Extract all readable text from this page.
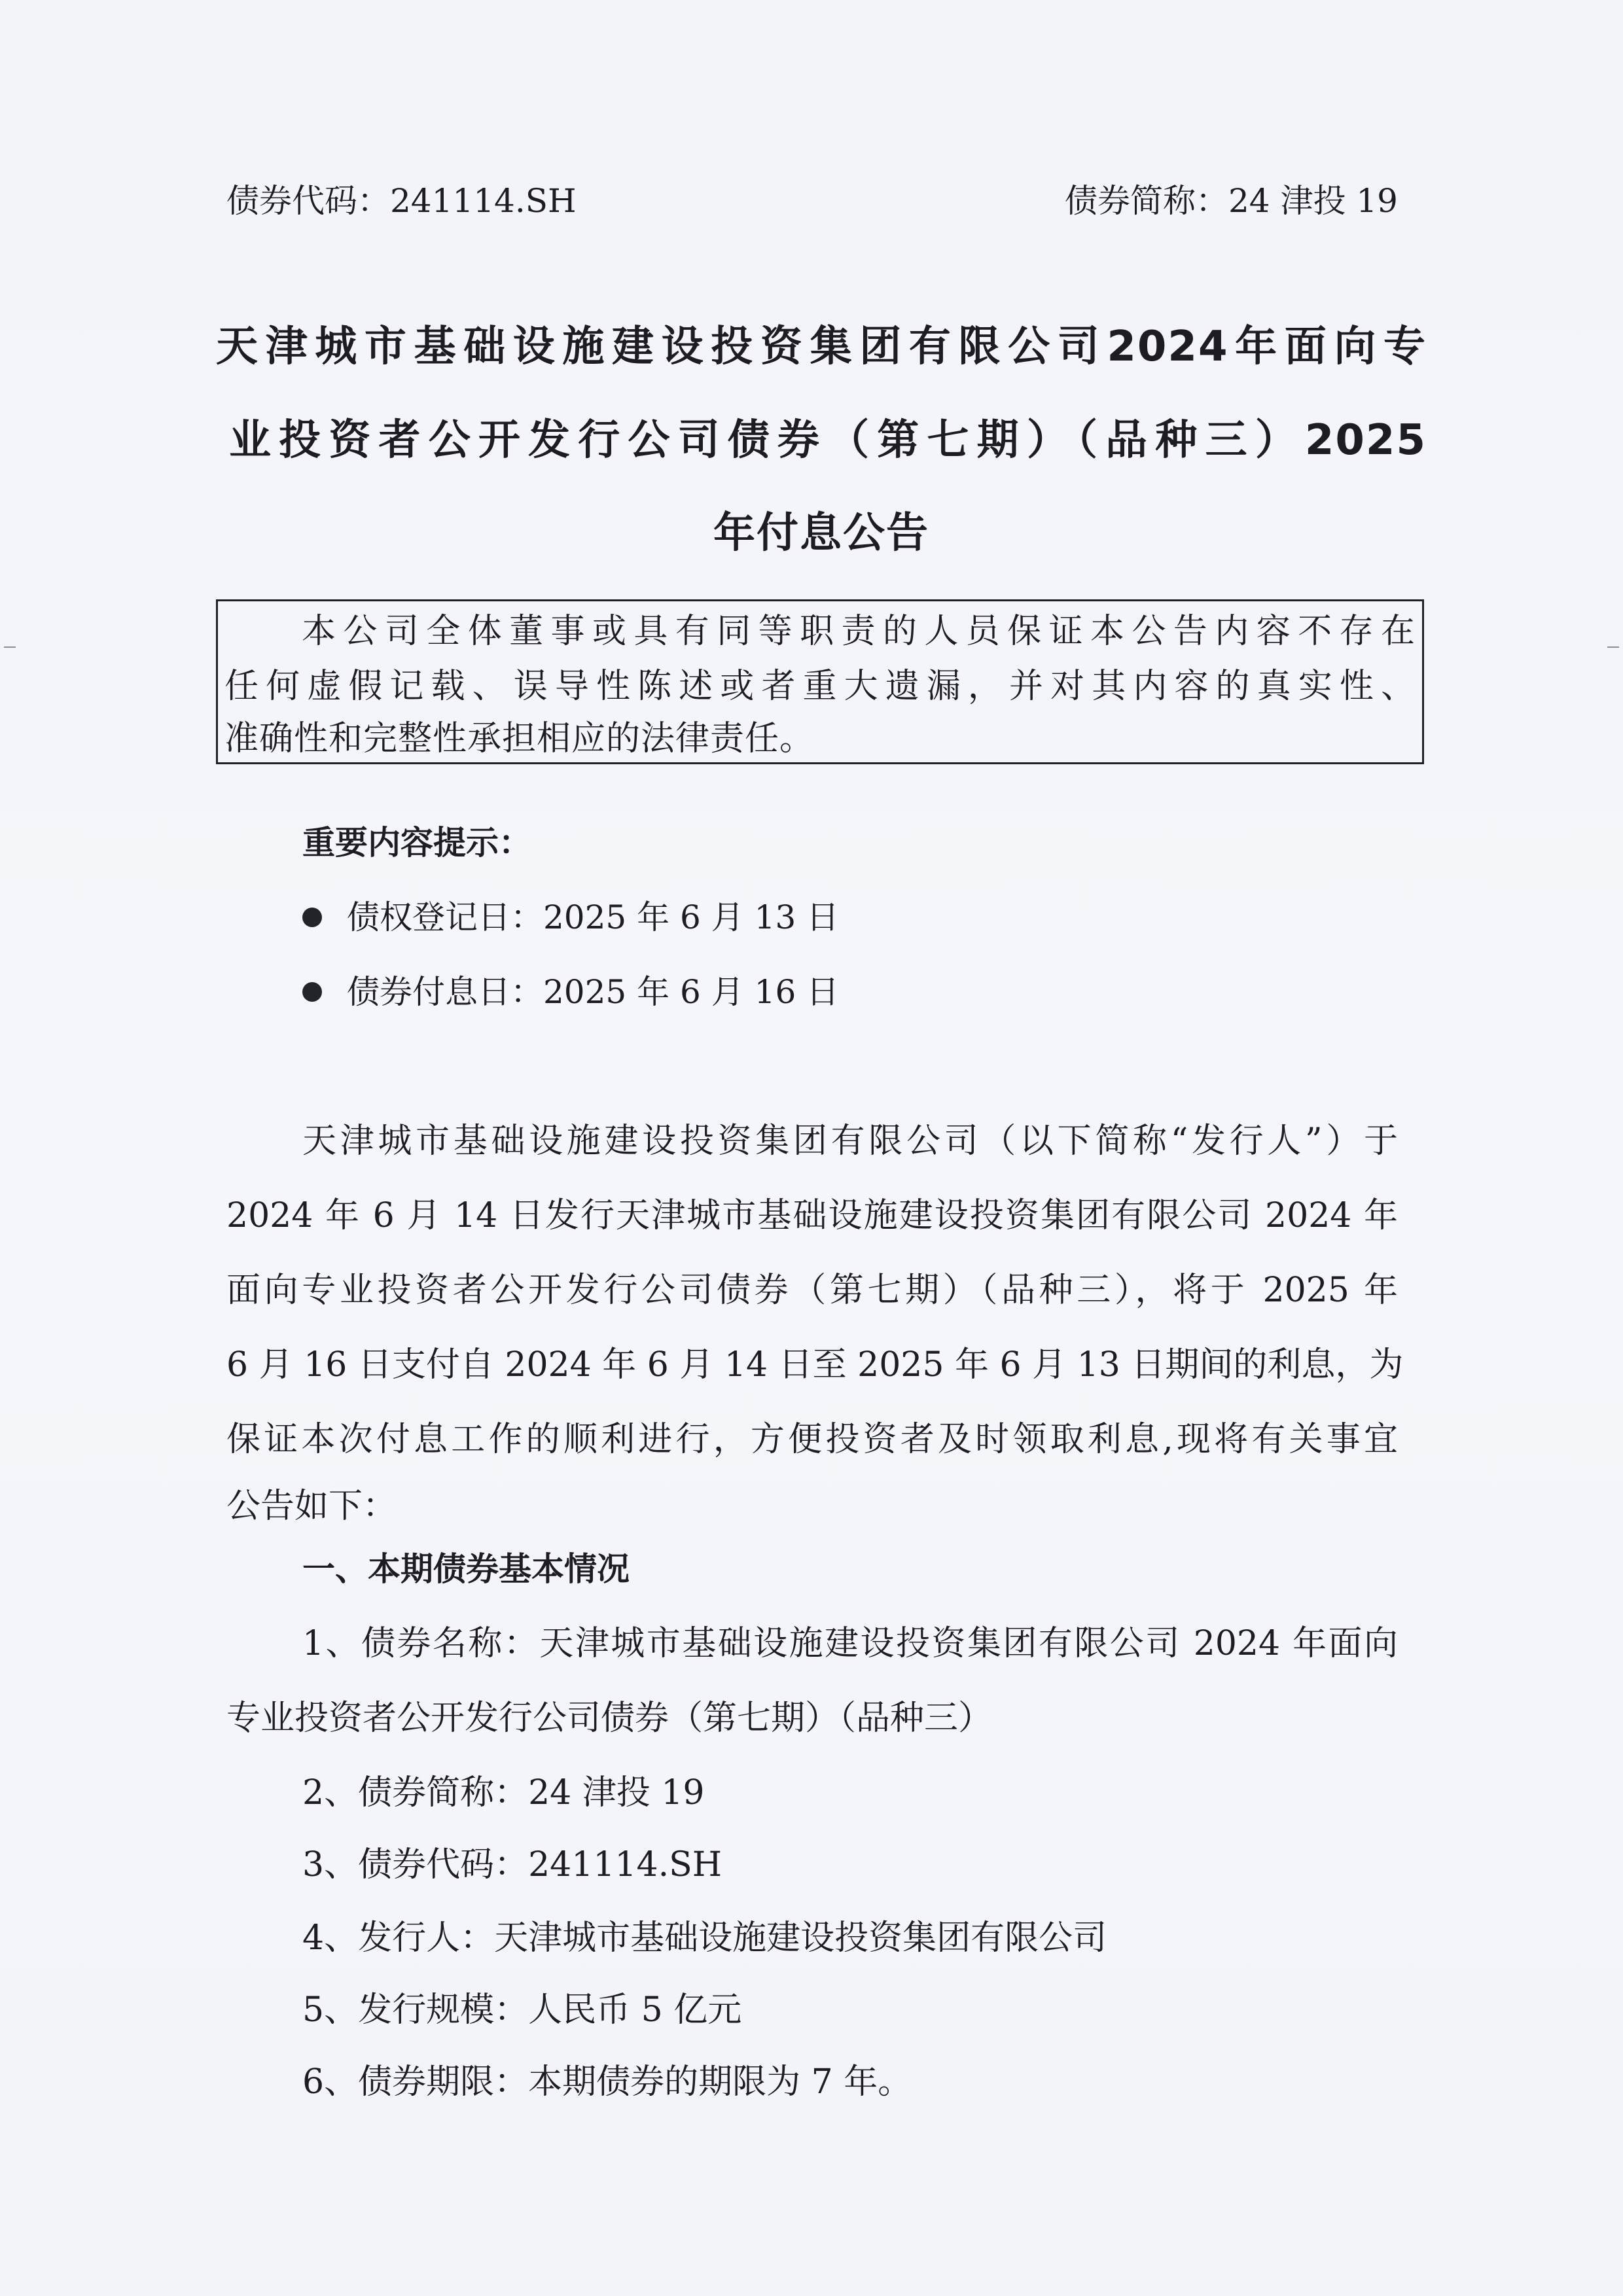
债券代码：241114.SH	债券简称：24 津投 19
天津城市基础设施建设投资集团有限公司2024年面向专
业投资者公开发行公司债券（第七期）（品种三）2025
年付息公告
本公司全体董事或具有同等职责的人员保证本公告内容不存在
任何虚假记载、误导性陈述或者重大遗漏，并对其内容的真实性、
准确性和完整性承担相应的法律责任。
重要内容提示：
债权登记日：2025 年 6 月 13 日
债券付息日：2025 年 6 月 16 日
天津城市基础设施建设投资集团有限公司（以下简称“发行人”）于
2024 年 6 月 14 日发行天津城市基础设施建设投资集团有限公司 2024 年
面向专业投资者公开发行公司债券（第七期）（品种三），将于 2025 年
6 月 16 日支付自 2024 年 6 月 14 日至 2025 年 6 月 13 日期间的利息，为
保证本次付息工作的顺利进行，方便投资者及时领取利息,现将有关事宜
公告如下：
一、本期债券基本情况
1、债券名称：天津城市基础设施建设投资集团有限公司 2024 年面向
专业投资者公开发行公司债券（第七期）（品种三）
2、债券简称：24 津投 19
3、债券代码：241114.SH
4、发行人：天津城市基础设施建设投资集团有限公司
5、发行规模：人民币 5 亿元
6、债券期限：本期债券的期限为 7 年。
